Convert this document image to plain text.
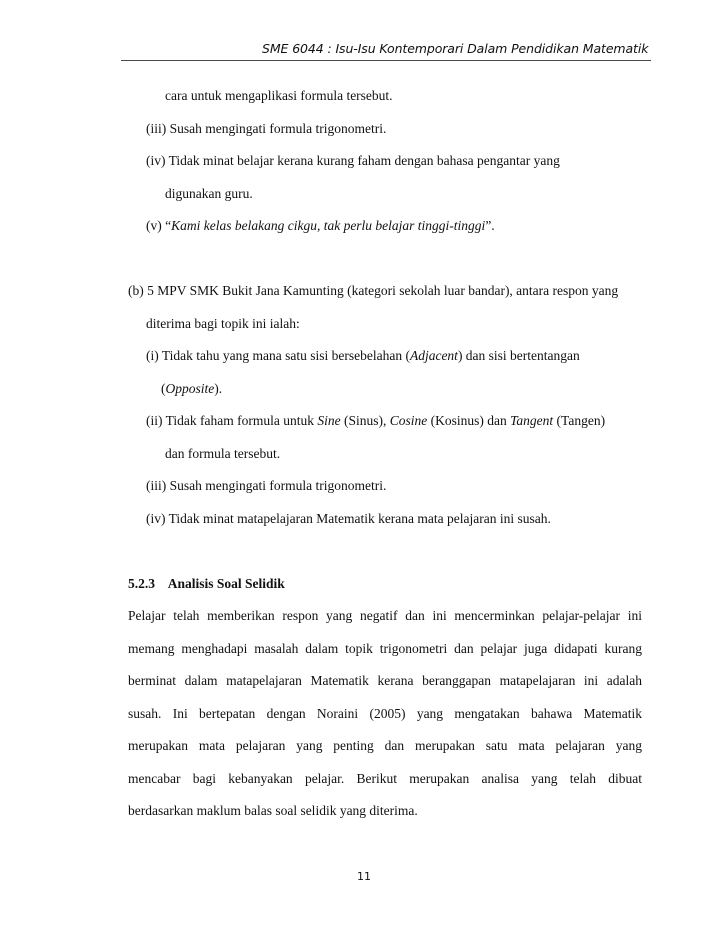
SME 6044 : Isu-Isu Kontemporari Dalam Pendidikan Matematik
cara untuk mengaplikasi formula tersebut.
(iii) Susah mengingati formula trigonometri.
(iv) Tidak minat belajar kerana kurang faham dengan bahasa pengantar yang
digunakan guru.
(v) “Kami kelas belakang cikgu, tak perlu belajar tinggi-tinggi”.
(b) 5 MPV SMK Bukit Jana Kamunting (kategori sekolah luar bandar), antara respon yang
diterima bagi topik ini ialah:
(i) Tidak tahu yang mana satu sisi bersebelahan (Adjacent) dan sisi bertentangan
(Opposite).
(ii) Tidak faham formula untuk Sine (Sinus), Cosine (Kosinus) dan Tangent (Tangen)
dan formula tersebut.
(iii) Susah mengingati formula trigonometri.
(iv) Tidak minat matapelajaran Matematik kerana mata pelajaran ini susah.
5.2.3    Analisis Soal Selidik
Pelajar telah memberikan respon yang negatif dan ini mencerminkan pelajar-pelajar ini
memang menghadapi masalah dalam topik trigonometri dan pelajar juga didapati kurang
berminat dalam matapelajaran Matematik kerana beranggapan matapelajaran ini adalah
susah. Ini bertepatan dengan Noraini (2005) yang mengatakan bahawa Matematik
merupakan mata pelajaran yang penting dan merupakan satu mata pelajaran yang
mencabar bagi kebanyakan pelajar. Berikut merupakan analisa yang telah dibuat
berdasarkan maklum balas soal selidik yang diterima.
11
